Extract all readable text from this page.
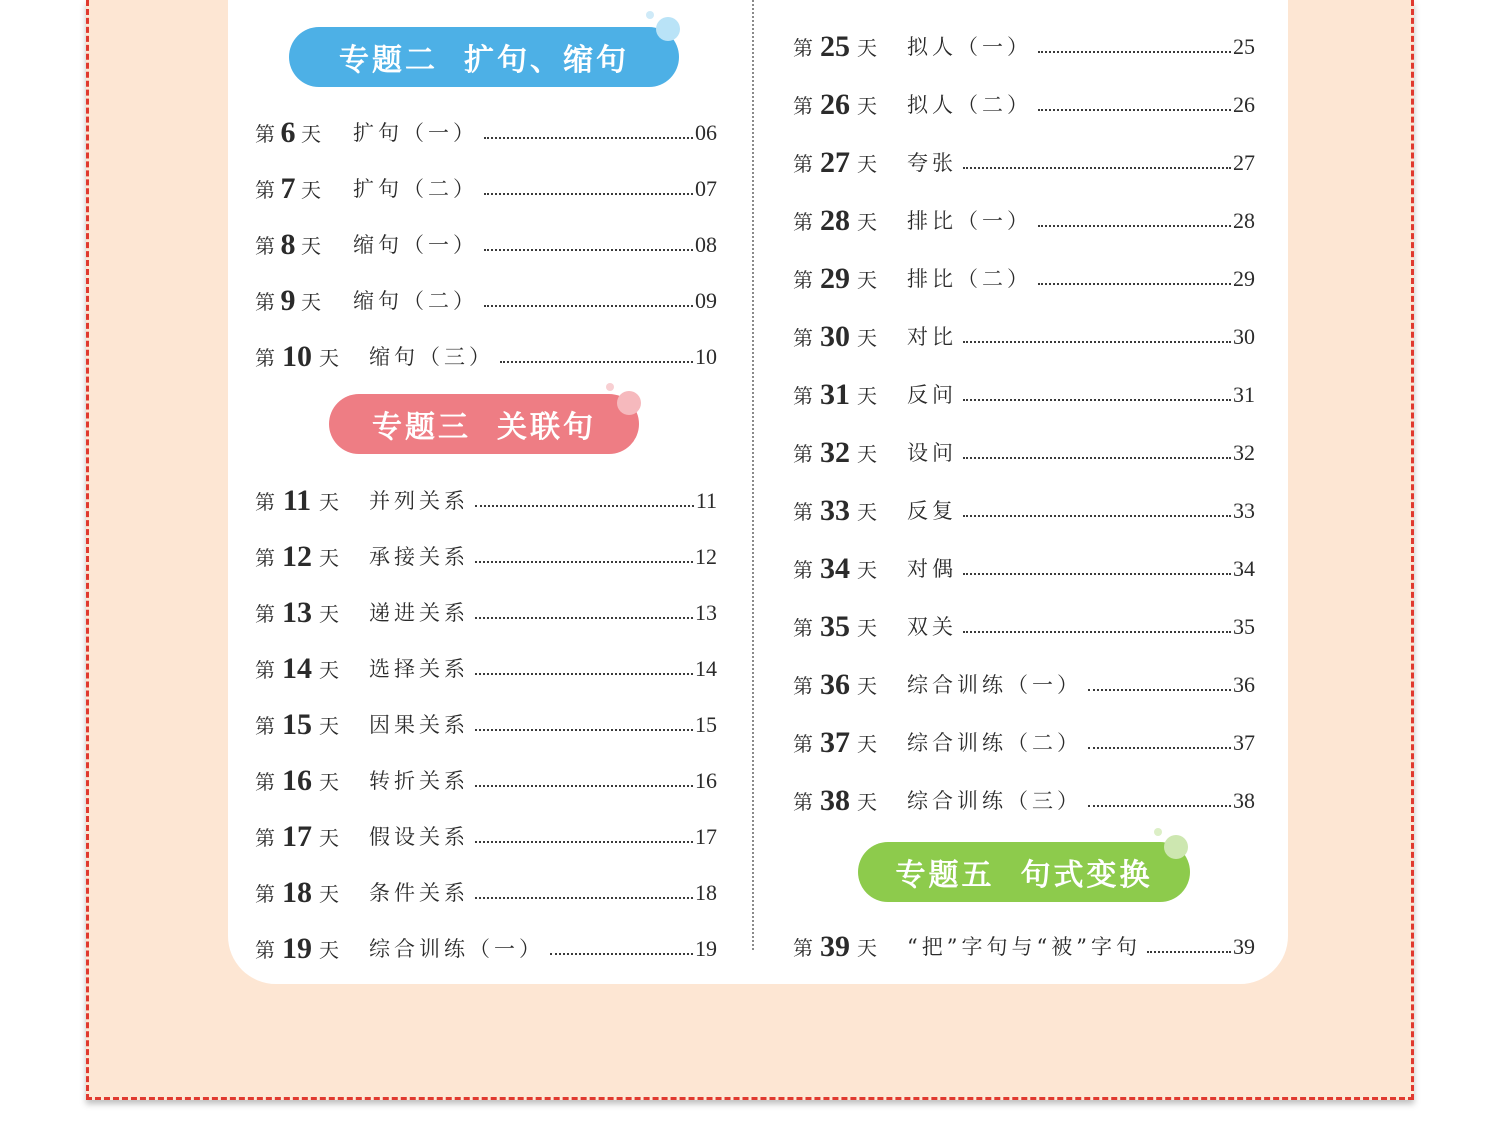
专题二 扩句、缩句
专题三 关联句
专题五 句式变换
第 6 天 扩句（一）	06
第 7 天 扩句（二）	07
第 8 天 缩句（一）	08
第 9 天 缩句（二）	09
第 10 天 缩句（三）	10
第 11 天 并列关系	11
第 12 天 承接关系	12
第 13 天 递进关系	13
第 14 天 选择关系	14
第 15 天 因果关系	15
第 16 天 转折关系	16
第 17 天 假设关系	17
第 18 天 条件关系	18
第 19 天 综合训练（一）	19
第 25 天 拟人（一）	25
第 26 天 拟人（二）	26
第 27 天 夸张	27
第 28 天 排比（一）	28
第 29 天 排比（二）	29
第 30 天 对比	30
第 31 天 反问	31
第 32 天 设问	32
第 33 天 反复	33
第 34 天 对偶	34
第 35 天 双关	35
第 36 天 综合训练（一）	36
第 37 天 综合训练（二）	37
第 38 天 综合训练（三）	38
第 39 天 “把”字句与“被”字句	39
